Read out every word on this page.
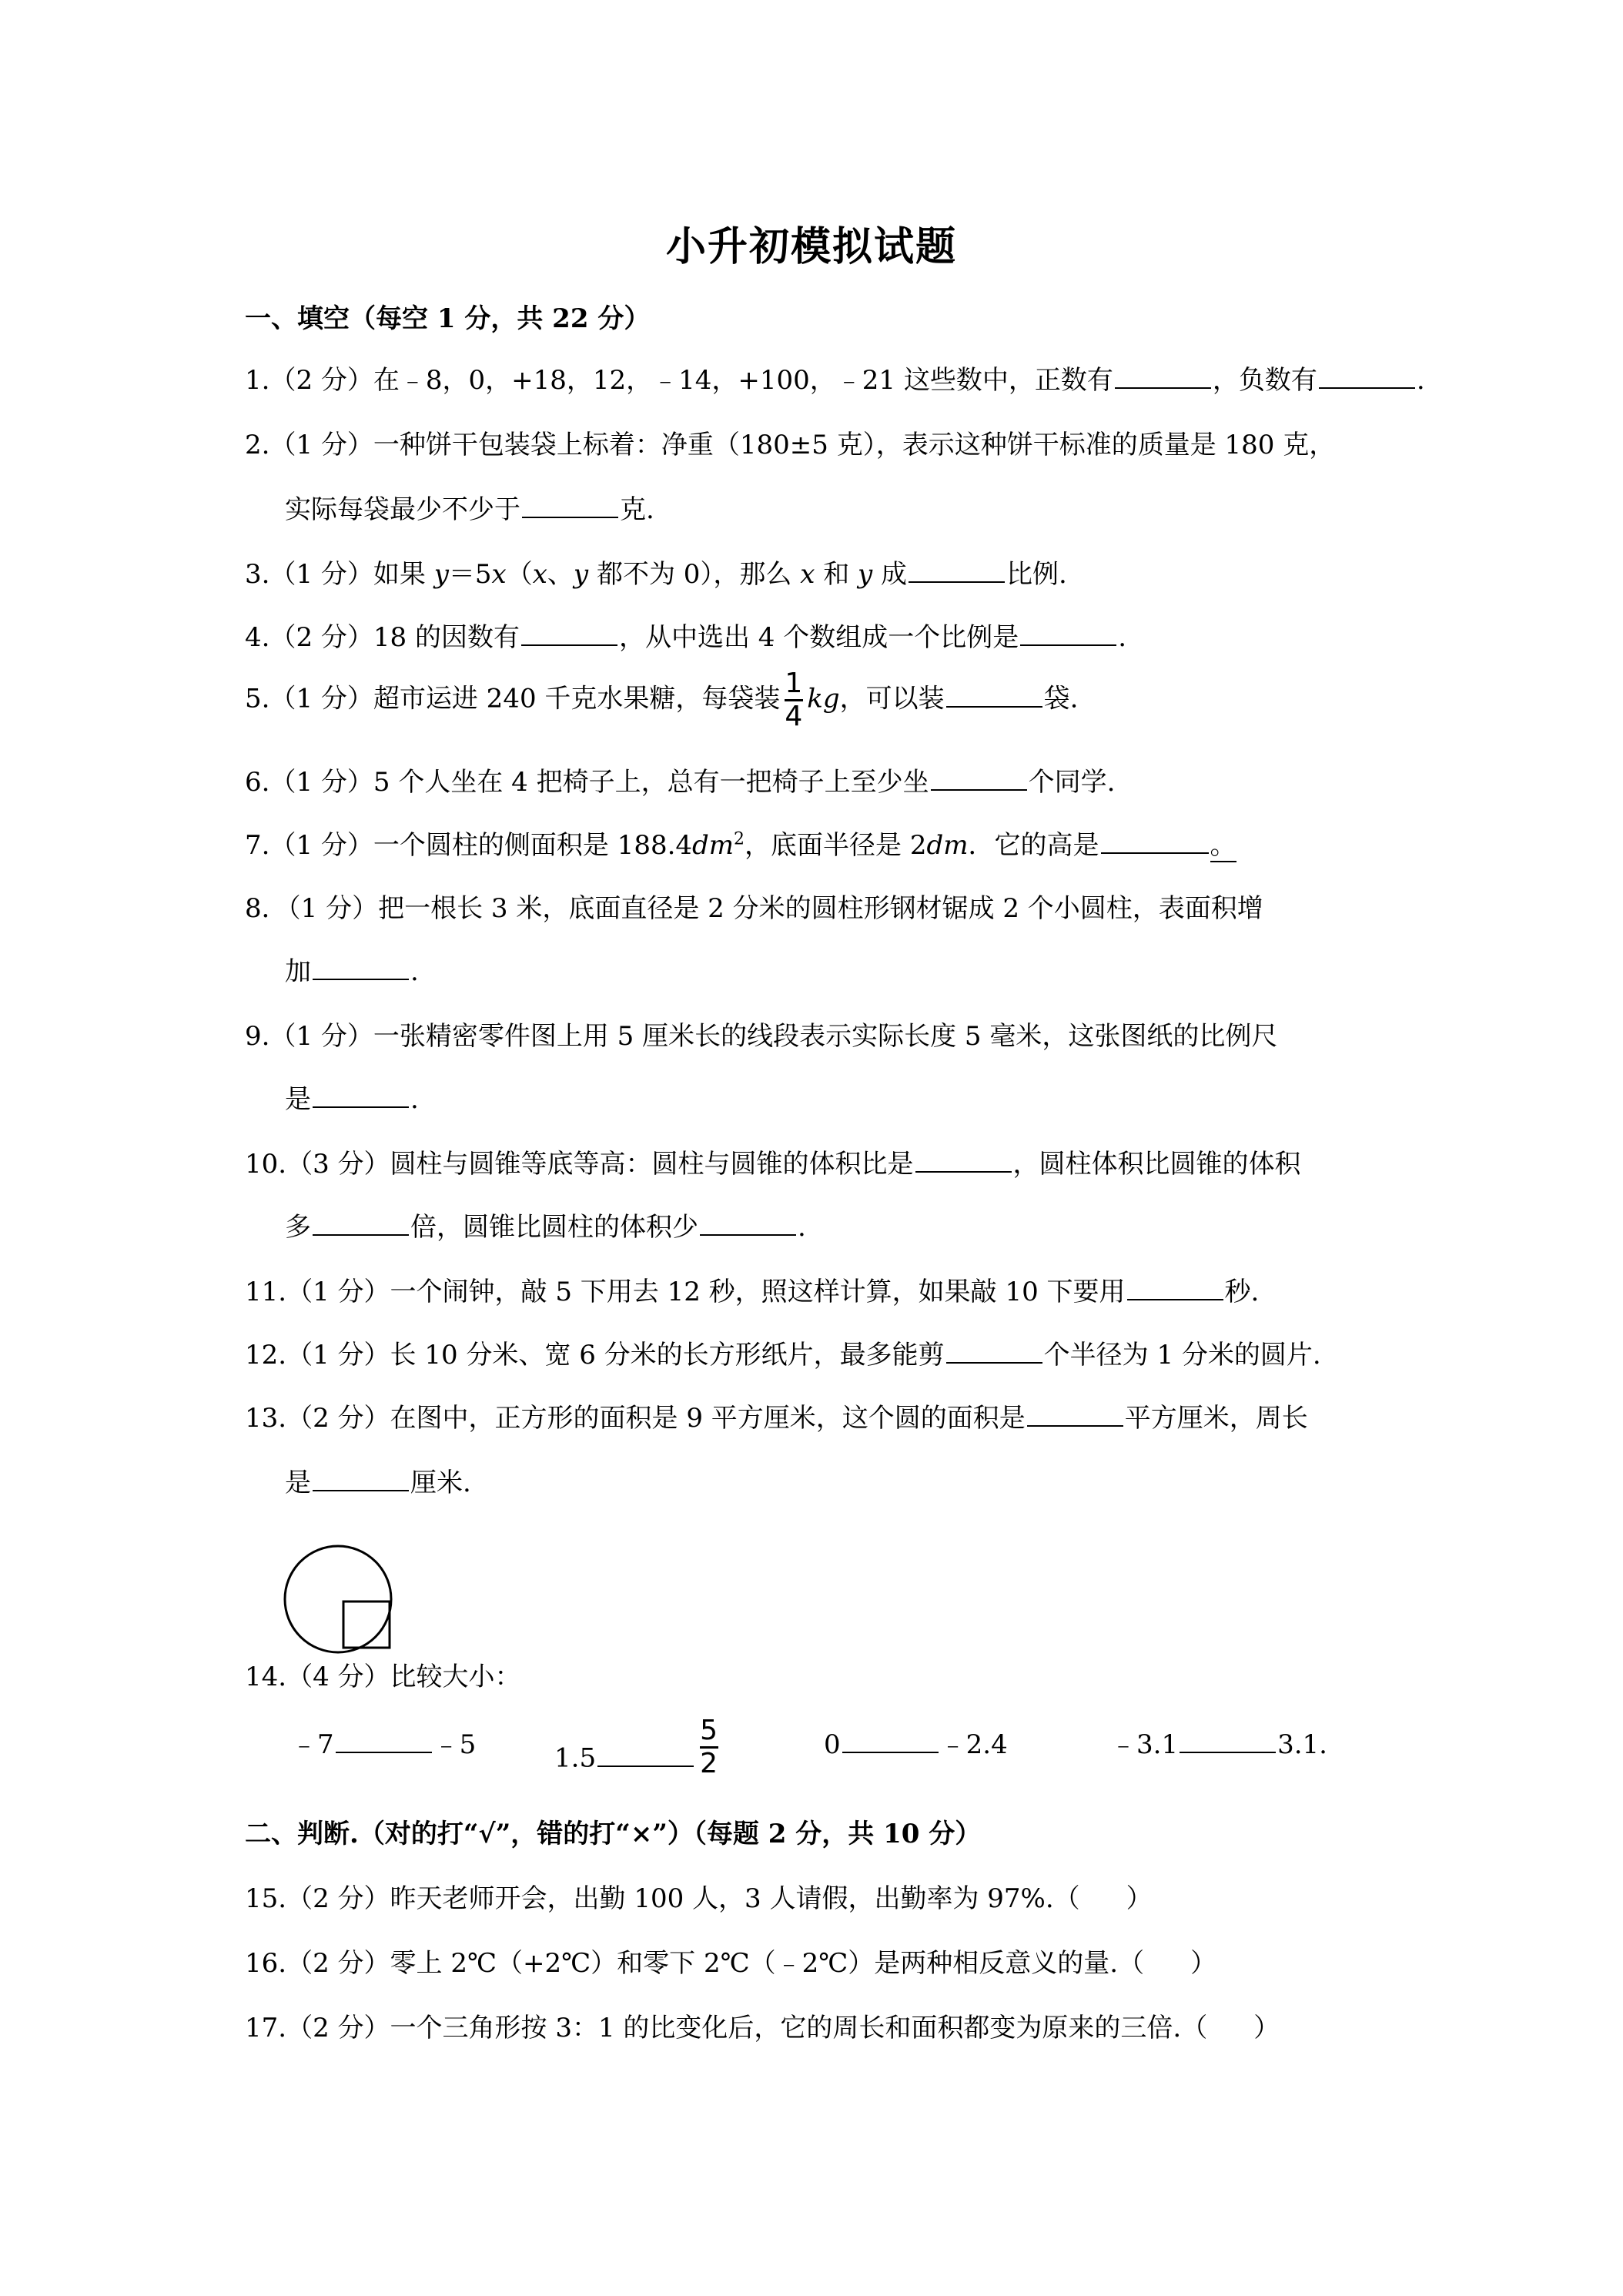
小升初模拟试题
一、填空（每空 1 分，共 22 分）
1.（2 分）在﹣8，0，+18，12，﹣14，+100，﹣21 这些数中，正数有	，负数有	.
2.（1 分）一种饼干包装袋上标着：净重（180±5 克），表示这种饼干标准的质量是 180 克，
实际每袋最少不少于	克.
3.（1 分）如果 y＝5x（x、y 都不为 0），那么 x 和 y 成	比例.
4.（2 分）18 的因数有	，从中选出 4 个数组成一个比例是	.
5.（1 分）超市运进 240 千克水果糖，每袋装 $\frac{1}{4}$ kg，可以装	袋.
6.（1 分）5 个人坐在 4 把椅子上，总有一把椅子上至少坐	个同学.
7.（1 分）一个圆柱的侧面积是 $188.4dm^2$，底面半径是 2dm．它的高是	。
8．（1 分）把一根长 3 米，底面直径是 2 分米的圆柱形钢材锯成 2 个小圆柱，表面积增
加	.
9.（1 分）一张精密零件图上用 5 厘米长的线段表示实际长度 5 毫米，这张图纸的比例尺
是	.
10.（3 分）圆柱与圆锥等底等高：圆柱与圆锥的体积比是	，圆柱体积比圆锥的体积
多	倍，圆锥比圆柱的体积少	.
11.（1 分）一个闹钟，敲 5 下用去 12 秒，照这样计算，如果敲 10 下要用	秒.
12.（1 分）长 10 分米、宽 6 分米的长方形纸片，最多能剪	个半径为 1 分米的圆片.
13.（2 分）在图中，正方形的面积是 9 平方厘米，这个圆的面积是	平方厘米，周长
是	厘米.
14.（4 分）比较大小：
﹣7	﹣5	1.5	$\frac{5}{2}$	0	﹣2.4	﹣3.1	3.1.
二、判断.（对的打“√”，错的打“×”）（每题 2 分，共 10 分）
15.（2 分）昨天老师开会，出勤 100 人，3 人请假，出勤率为 97%.（ ）
16.（2 分）零上 2℃（+2℃）和零下 2℃（﹣2℃）是两种相反意义的量.（ ）
17.（2 分）一个三角形按 3：1 的比变化后，它的周长和面积都变为原来的三倍.（ ）
